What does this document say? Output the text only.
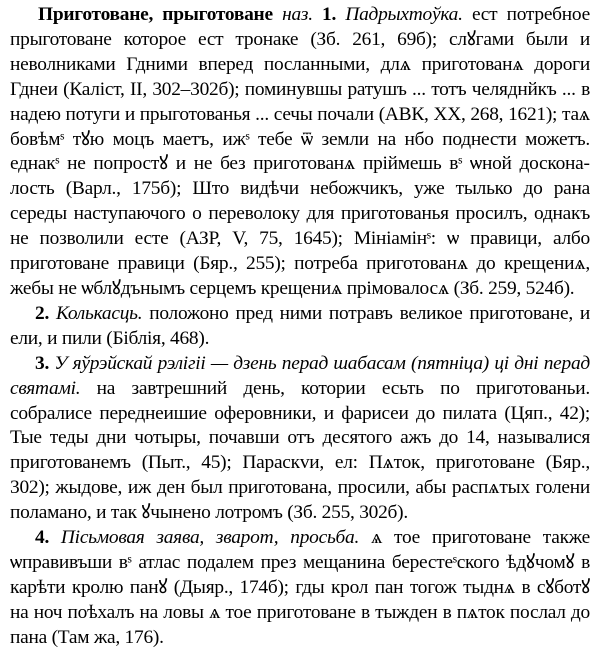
Приготоване, прыготоване наз. 1. Падрыхтоўка. ест потребное прыготоване которое ест тронаке (Зб. 261, 69б); слꙋгами были и неволниками Гдними вперед посланными, длѧ приготованѧ дороги Гднеи (Каліст, II, 302–302б); поминувшы ратушъ ... тотъ челяднйкъ ... в надею потуги и прыготованья ... сечы почали (АВК, XX, 268, 1621); таѧ бовѣмˢ тꙋю моцъ маетъ, ижˢ тебе ѿ земли на нбо поднести можетъ. еднакˢ не попростꙋ и не без приготованѧ прiймешь вˢ ѡной досконалость (Варл., 175б); Што видѣчи небожчикъ, уже тылько до рана середы наступаючого о переволоку для приготованья просилъ, однакъ не позволили есте (АЗР, V, 75, 1645); Мініамінˢ: ѡ правици, албо приготоване правици (Бяр., 255); потреба приготованѧ до крещениѧ, жебы не ѡблꙋдънымъ серцемъ крещениѧ прiмовалосѧ (Зб. 259, 524б).

2. Колькасць. положоно пред ними потравъ великое приготоване, и ели, и пили (Біблія, 468).

3. У яўрэйскай рэлігіі — дзень перад шабасам (пятніца) ці дні перад святамі. на завтрешний день, котории есьть по приготованьи. собралисе переднеишие оферовники, и фарисеи до пилата (Цяп., 42); Тые теды дни чотыры, почавши отъ десятого ажъ до 14, называлися приготованемъ (Пыт., 45); Параскvи, ел: Пѧток, приготоване (Бяр., 302); жыдове, иж ден был приготована, просили, абы распѧтых голени поламано, и так ꙋчынено лотромъ (Зб. 255, 302б).

4. Пісьмовая заява, зварот, просьба. ѧ тое приготоване также ѡправивъши вˢ атлас подалем през мещанина берестеˢского ѣдꙋчомꙋ в карѣти кролю панꙋ (Дыяр., 174б); гды крол пан тогож тыднѧ в сꙋботꙋ на ноч поѣхалъ на ловы ѧ тое приготоване в тыжден в пѧток послал до пана (Там жа, 176).
